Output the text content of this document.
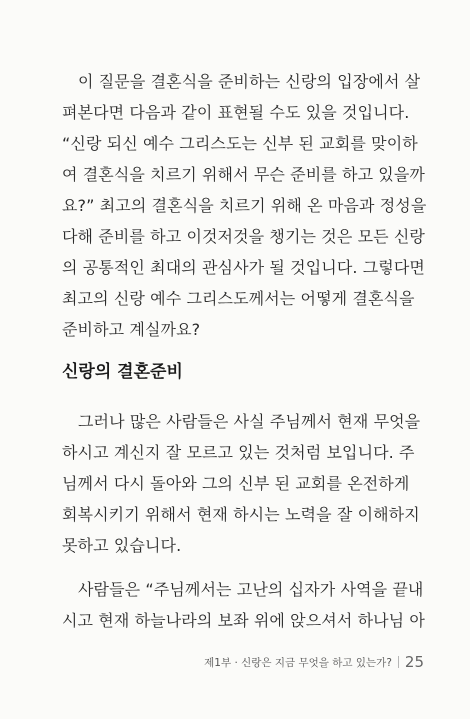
이 질문을 결혼식을 준비하는 신랑의 입장에서 살
펴본다면 다음과 같이 표현될 수도 있을 것입니다.
“신랑 되신 예수 그리스도는 신부 된 교회를 맞이하
여 결혼식을 치르기 위해서 무슨 준비를 하고 있을까
요?” 최고의 결혼식을 치르기 위해 온 마음과 정성을
다해 준비를 하고 이것저것을 챙기는 것은 모든 신랑
의 공통적인 최대의 관심사가 될 것입니다. 그렇다면
최고의 신랑 예수 그리스도께서는 어떻게 결혼식을
준비하고 계실까요?
신랑의 결혼준비
그러나 많은 사람들은 사실 주님께서 현재 무엇을
하시고 계신지 잘 모르고 있는 것처럼 보입니다. 주
님께서 다시 돌아와 그의 신부 된 교회를 온전하게
회복시키기 위해서 현재 하시는 노력을 잘 이해하지
못하고 있습니다.
사람들은 “주님께서는 고난의 십자가 사역을 끝내
시고 현재 하늘나라의 보좌 위에 앉으셔서 하나님 아
제1부 · 신랑은 지금 무엇을 하고 있는가? 25
